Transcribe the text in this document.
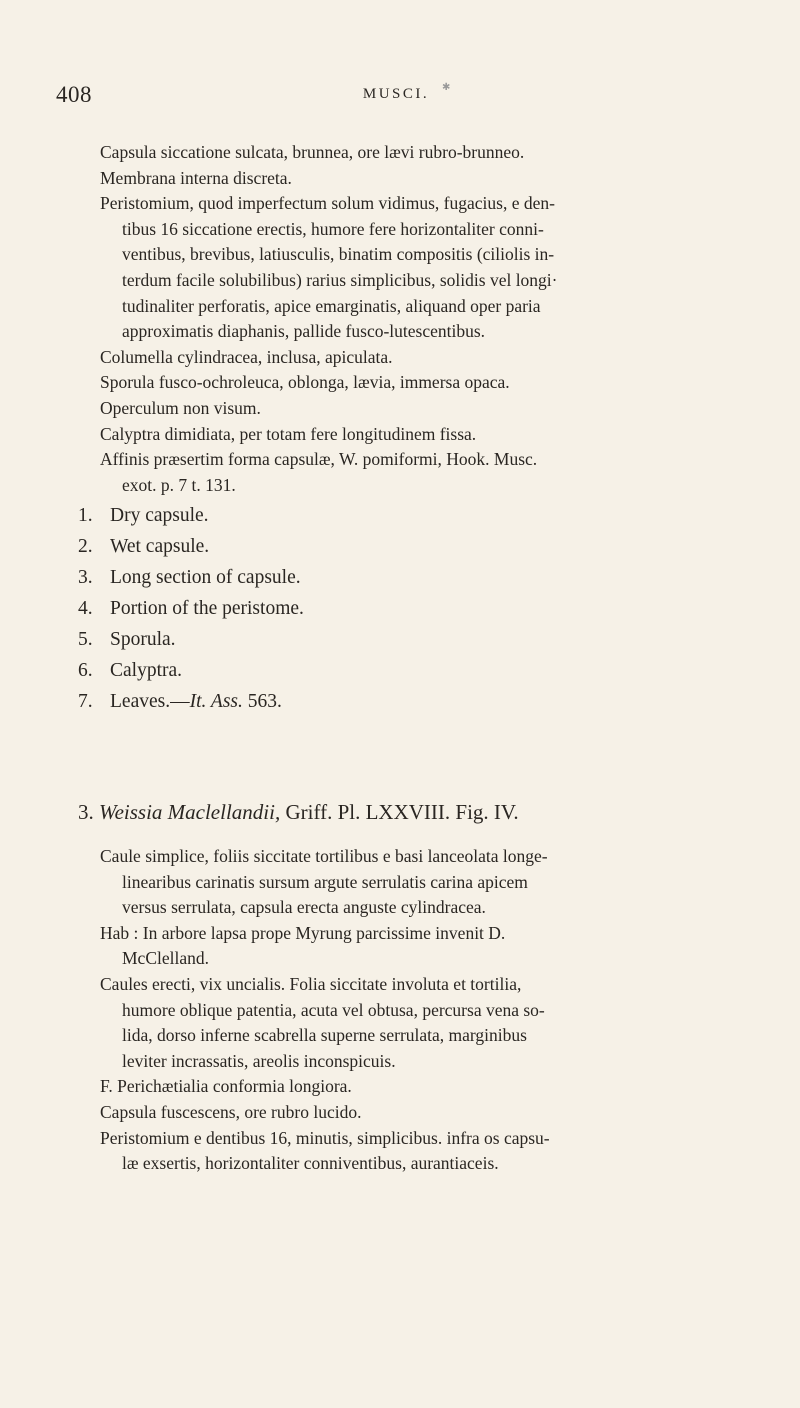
✱
408	MUSCI.

Capsula siccatione sulcata, brunnea, ore lævi rubro-brunneo.

Membrana interna discreta.

Peristomium, quod imperfectum solum vidimus, fugacius, e den-
tibus 16 siccatione erectis, humore fere horizontaliter conni-
ventibus, brevibus, latiusculis, binatim compositis (ciliolis in-
terdum facile solubilibus) rarius simplicibus, solidis vel longi·
tudinaliter perforatis, apice emarginatis, aliquand oper paria
approximatis diaphanis, pallide fusco-lutescentibus.

Columella cylindracea, inclusa, apiculata.

Sporula fusco-ochroleuca, oblonga, lævia, immersa opaca.

Operculum non visum.

Calyptra dimidiata, per totam fere longitudinem fissa.

Affinis præsertim forma capsulæ, W. pomiformi, Hook. Musc.
exot. p. 7 t. 131.

1.Dry capsule.
2.Wet capsule.
3.Long section of capsule.
4.Portion of the peristome.
5.Sporula.
6.Calyptra.
7.Leaves.—It. Ass. 563.
3. Weissia Maclellandii, Griff. Pl. LXXVIII. Fig. IV.

Caule simplice, foliis siccitate tortilibus e basi lanceolata longe-
linearibus carinatis sursum argute serrulatis carina apicem
versus serrulata, capsula erecta anguste cylindracea.

Hab : In arbore lapsa prope Myrung parcissime invenit D.
McClelland.

Caules erecti, vix uncialis. Folia siccitate involuta et tortilia,
humore oblique patentia, acuta vel obtusa, percursa vena so-
lida, dorso inferne scabrella superne serrulata, marginibus
leviter incrassatis, areolis inconspicuis.

F. Perichætialia conformia longiora.

Capsula fuscescens, ore rubro lucido.

Peristomium e dentibus 16, minutis, simplicibus. infra os capsu-
læ exsertis, horizontaliter conniventibus, aurantiaceis.
